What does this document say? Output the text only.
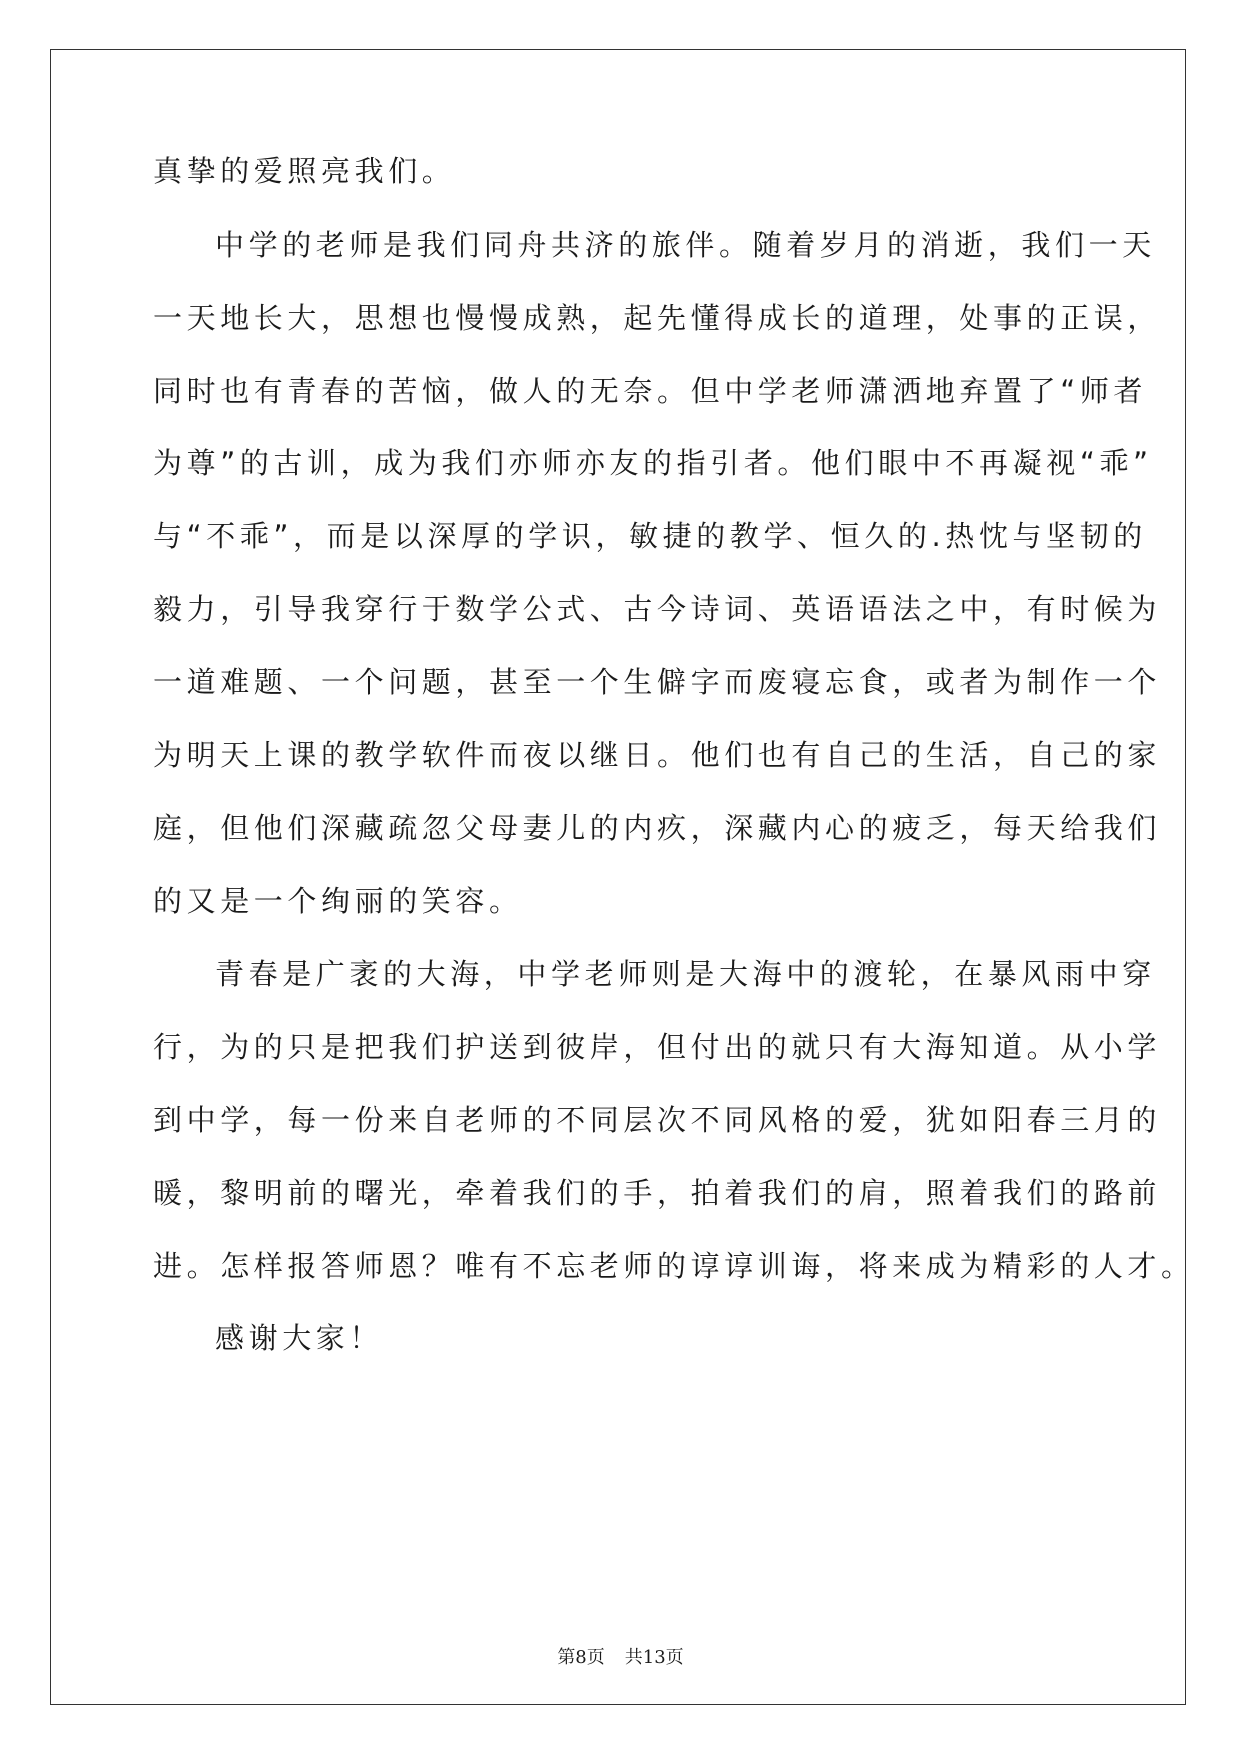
真挚的爱照亮我们。
中学的老师是我们同舟共济的旅伴。随着岁月的消逝，我们一天
一天地长大，思想也慢慢成熟，起先懂得成长的道理，处事的正误，
同时也有青春的苦恼，做人的无奈。但中学老师潇洒地弃置了“师者
为尊”的古训，成为我们亦师亦友的指引者。他们眼中不再凝视“乖”
与“不乖”，而是以深厚的学识，敏捷的教学、恒久的.热忱与坚韧的
毅力，引导我穿行于数学公式、古今诗词、英语语法之中，有时候为
一道难题、一个问题，甚至一个生僻字而废寝忘食，或者为制作一个
为明天上课的教学软件而夜以继日。他们也有自己的生活，自己的家
庭，但他们深藏疏忽父母妻儿的内疚，深藏内心的疲乏，每天给我们
的又是一个绚丽的笑容。
青春是广袤的大海，中学老师则是大海中的渡轮，在暴风雨中穿
行，为的只是把我们护送到彼岸，但付出的就只有大海知道。从小学
到中学，每一份来自老师的不同层次不同风格的爱，犹如阳春三月的
暖，黎明前的曙光，牵着我们的手，拍着我们的肩，照着我们的路前
进。怎样报答师恩？唯有不忘老师的谆谆训诲，将来成为精彩的人才。
感谢大家！
第8页 共13页
